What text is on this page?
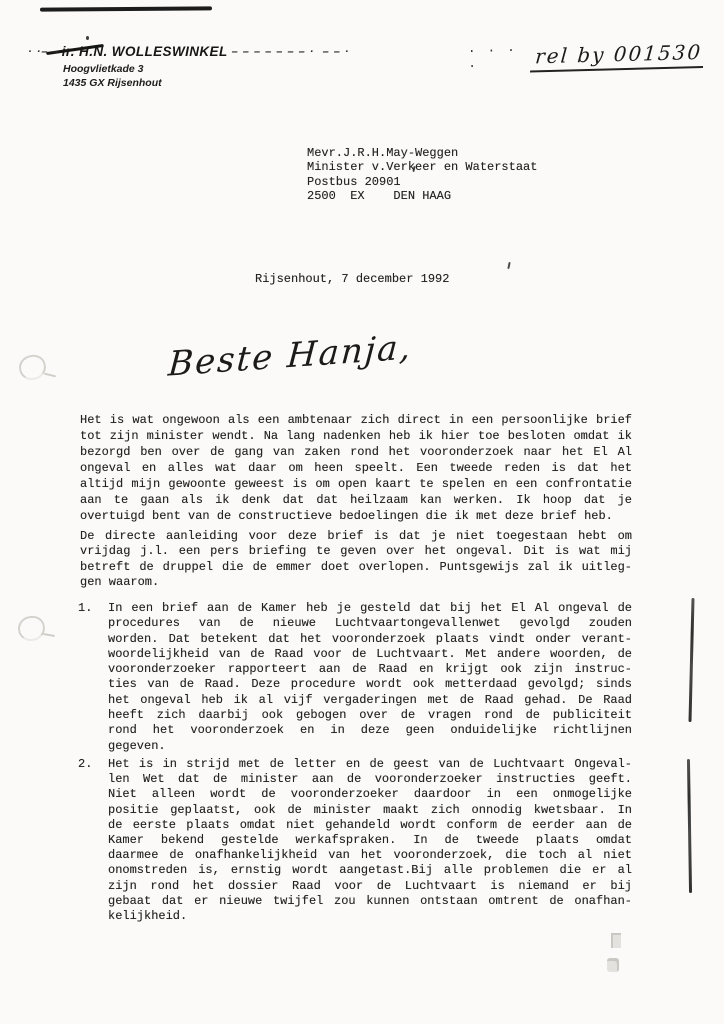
· ·– – ir. H.N. WOLLESWINKEL – – – – – – – ·  – – ·
Hoogvlietkade 3
1435 GX Rijsenhout
. . . .	rel by 001530
Mevr.J.R.H.May-Weggen
Minister v.Verkeer en Waterstaat
Postbus 20901
2500  EX    DEN HAAG
Rijsenhout, 7 december 1992
Beste Hanja,
Het is wat ongewoon als een ambtenaar zich direct in een persoonlijke brief
tot zijn minister wendt. Na lang nadenken heb ik hier toe besloten omdat ik
bezorgd ben over de gang van zaken rond het vooronderzoek naar het El Al
ongeval en alles wat daar om heen speelt. Een tweede reden is dat het
altijd mijn gewoonte geweest is om open kaart te spelen en een confrontatie
aan te gaan als ik denk dat dat heilzaam kan werken. Ik hoop dat je
overtuigd bent van de constructieve bedoelingen die ik met deze brief heb.
De directe aanleiding voor deze brief is dat je niet toegestaan hebt om
vrijdag j.l. een pers briefing te geven over het ongeval. Dit is wat mij
betreft de druppel die de emmer doet overlopen. Puntsgewijs zal ik uitleg-
gen waarom.
1.	In een brief aan de Kamer heb je gesteld dat bij het El Al ongeval de
procedures van de nieuwe Luchtvaartongevallenwet gevolgd zouden
worden. Dat betekent dat het vooronderzoek plaats vindt onder verant-
woordelijkheid van de Raad voor de Luchtvaart. Met andere woorden, de
vooronderzoeker rapporteert aan de Raad en krijgt ook zijn instruc-
ties van de Raad. Deze procedure wordt ook metterdaad gevolgd; sinds
het ongeval heb ik al vijf vergaderingen met de Raad gehad. De Raad
heeft zich daarbij ook gebogen over de vragen rond de publiciteit
rond het vooronderzoek en in deze geen onduidelijke richtlijnen
gegeven.
2.	Het is in strijd met de letter en de geest van de Luchtvaart Ongeval-
len Wet dat de minister aan de vooronderzoeker instructies geeft.
Niet alleen wordt de vooronderzoeker daardoor in een onmogelijke
positie geplaatst, ook de minister maakt zich onnodig kwetsbaar. In
de eerste plaats omdat niet gehandeld wordt conform de eerder aan de
Kamer bekend gestelde werkafspraken. In de tweede plaats omdat
daarmee de onafhankelijkheid van het vooronderzoek, die toch al niet
onomstreden is, ernstig wordt aangetast.Bij alle problemen die er al
zijn rond het dossier Raad voor de Luchtvaart is niemand er bij
gebaat dat er nieuwe twijfel zou kunnen ontstaan omtrent de onafhan-
kelijkheid.
